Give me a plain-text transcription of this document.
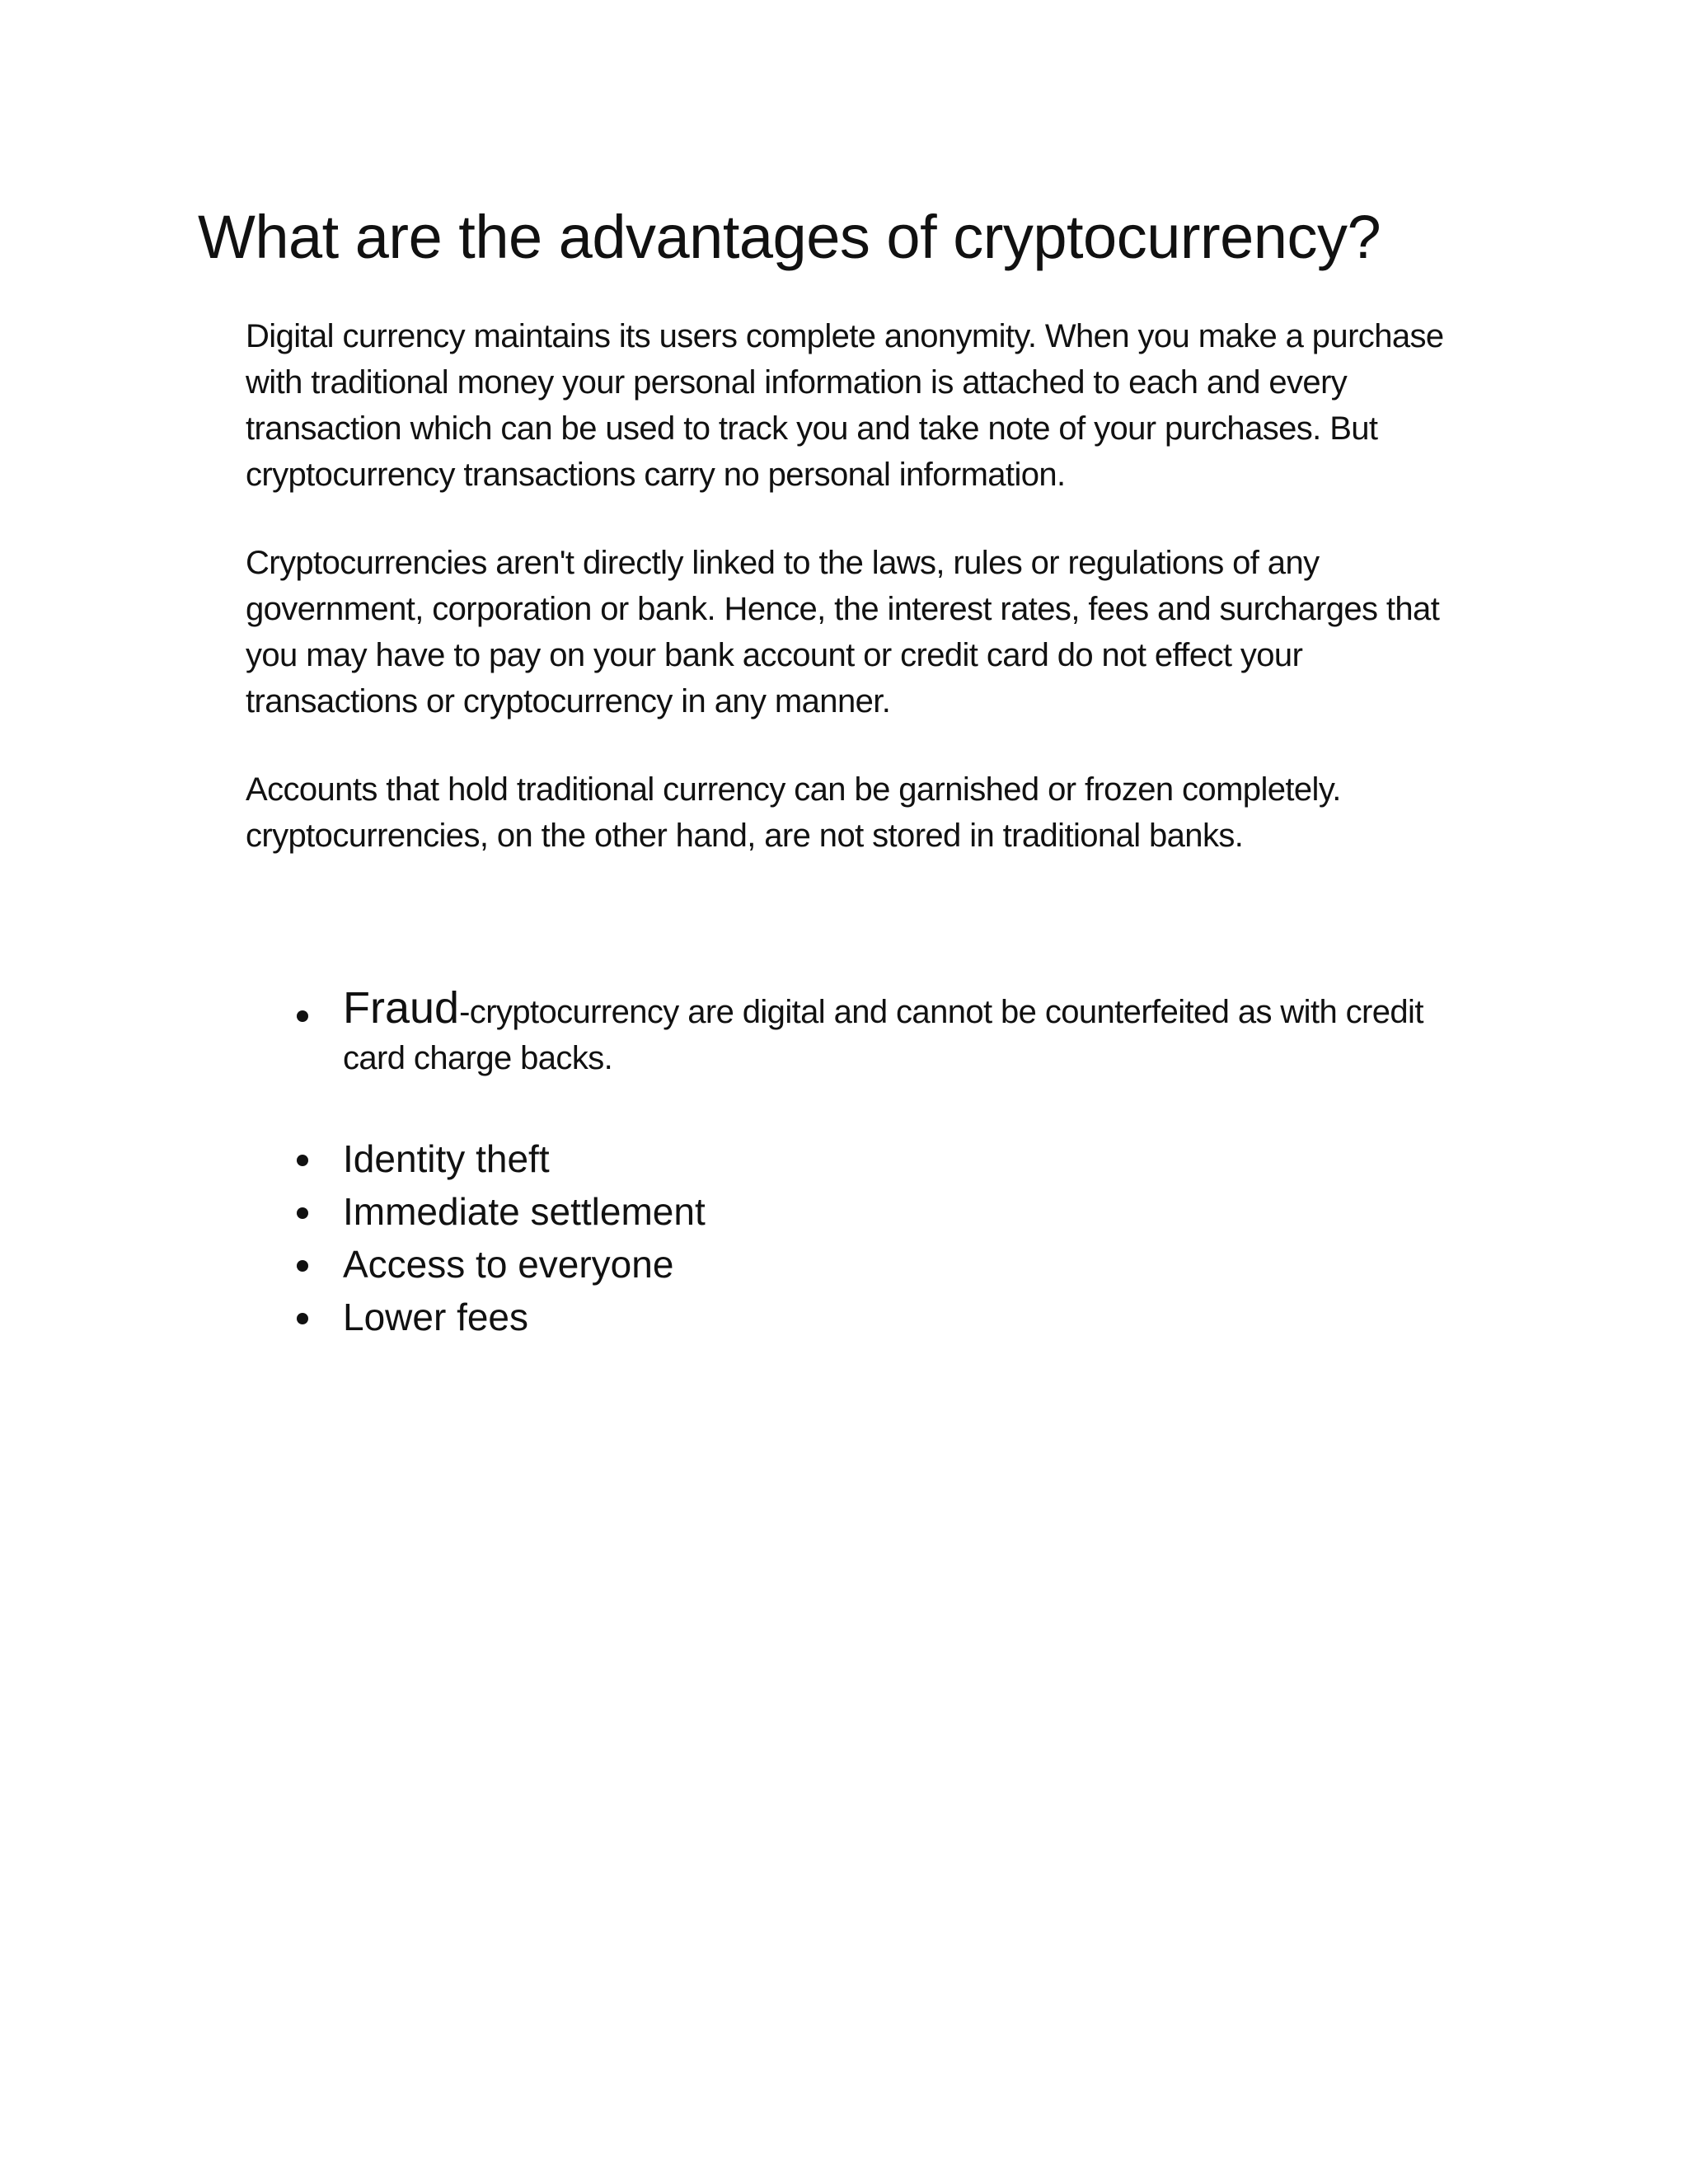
What are the advantages of cryptocurrency?

Digital currency maintains its users complete anonymity. When you make a purchase with traditional money your personal information is attached to each and every transaction which can be used to track you and take note of your purchases. But cryptocurrency transactions carry no personal information.

Cryptocurrencies aren't directly linked to the laws, rules or regulations of any government, corporation or bank. Hence, the interest rates, fees and surcharges that you may have to pay on your bank account or credit card do not effect your transactions or cryptocurrency in any manner.

Accounts that hold traditional currency can be garnished or frozen completely. cryptocurrencies, on the other hand, are not stored in traditional banks.

Fraud-cryptocurrency are digital and cannot be counterfeited as with credit card charge backs.
Identity theft
Immediate settlement
Access to everyone
Lower fees
